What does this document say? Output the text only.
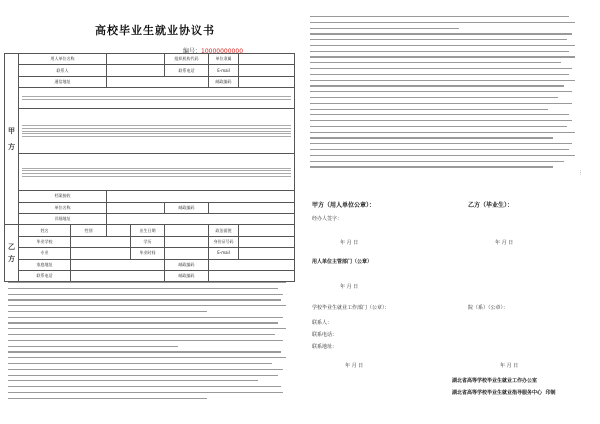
高校毕业生就业协议书
编号：10000000000
甲

方	用人单位名称				组织机构代码	单位隶属	
	联系人				联系电话	E-mail	
	通信地址					邮政编码	

	档案接收						
	单位名称				邮政编码		
	详细地址						
乙

方	姓名	性别		出生日期		政治面貌	
	毕业学校			学历		身份证号码	
	专业			毕业时间		E-mail	
	家庭地址				邮政编码		
	联系电话				邮政编码		
甲方（用人单位公章）：	乙方（毕业生）：
经办人签字：
年 月 日	年 月 日
用人单位主管部门（公章）
年 月 日
学校毕业生就业工作部门（公章）：	院（系）（公章）：
联系人：
联系电话：
联系地址：
年 月 日	年 月 日
湖北省高等学校毕业生就业工作办公室
湖北省高等学校毕业生就业指导服务中心 印制
…
